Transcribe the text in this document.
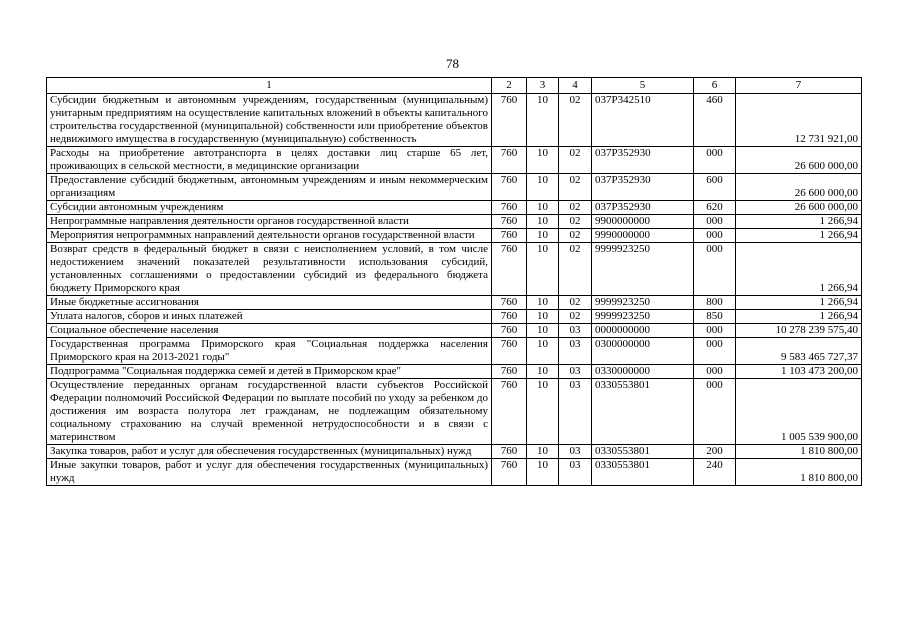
78
1	2	3	4	5	6	7
Субсидии бюджетным и автономным учреждениям, государственным (муниципальным) унитарным предприятиям на осуществление капитальных вложений в объекты капитального строительства государственной (муниципальной) собственности или приобретение объектов недвижимого имущества в государственную (муниципальную) собственность	760	10	02	037P342510	460	12 731 921,00
Расходы на приобретение автотранспорта в целях доставки лиц старше 65 лет, проживающих в сельской местности, в медицинские организации	760	10	02	037P352930	000	26 600 000,00
Предоставление субсидий бюджетным, автономным учреждениям и иным некоммерческим организациям	760	10	02	037P352930	600	26 600 000,00
Субсидии автономным учреждениям	760	10	02	037P352930	620	26 600 000,00
Непрограммные направления деятельности органов государственной власти	760	10	02	9900000000	000	1 266,94
Мероприятия непрограммных направлений деятельности органов государственной власти	760	10	02	9990000000	000	1 266,94
Возврат средств в федеральный бюджет в связи с неисполнением условий, в том числе недостижением значений показателей результативности использования субсидий, установленных соглашениями о предоставлении субсидий из федерального бюджета бюджету Приморского края	760	10	02	9999923250	000	1 266,94
Иные бюджетные ассигнования	760	10	02	9999923250	800	1 266,94
Уплата налогов, сборов и иных платежей	760	10	02	9999923250	850	1 266,94
Социальное обеспечение населения	760	10	03	0000000000	000	10 278 239 575,40
Государственная программа Приморского края "Социальная поддержка населения Приморского края на 2013-2021 годы"	760	10	03	0300000000	000	9 583 465 727,37
Подпрограмма "Социальная поддержка семей и детей в Приморском крае"	760	10	03	0330000000	000	1 103 473 200,00
Осуществление переданных органам государственной власти субъектов Российской Федерации полномочий Российской Федерации по выплате пособий по уходу за ребенком до достижения им возраста полутора лет гражданам, не подлежащим обязательному социальному страхованию на случай временной нетрудоспособности и в связи с материнством	760	10	03	0330553801	000	1 005 539 900,00
Закупка товаров, работ и услуг для обеспечения государственных (муниципальных) нужд	760	10	03	0330553801	200	1 810 800,00
Иные закупки товаров, работ и услуг для обеспечения государственных (муниципальных) нужд	760	10	03	0330553801	240	1 810 800,00
